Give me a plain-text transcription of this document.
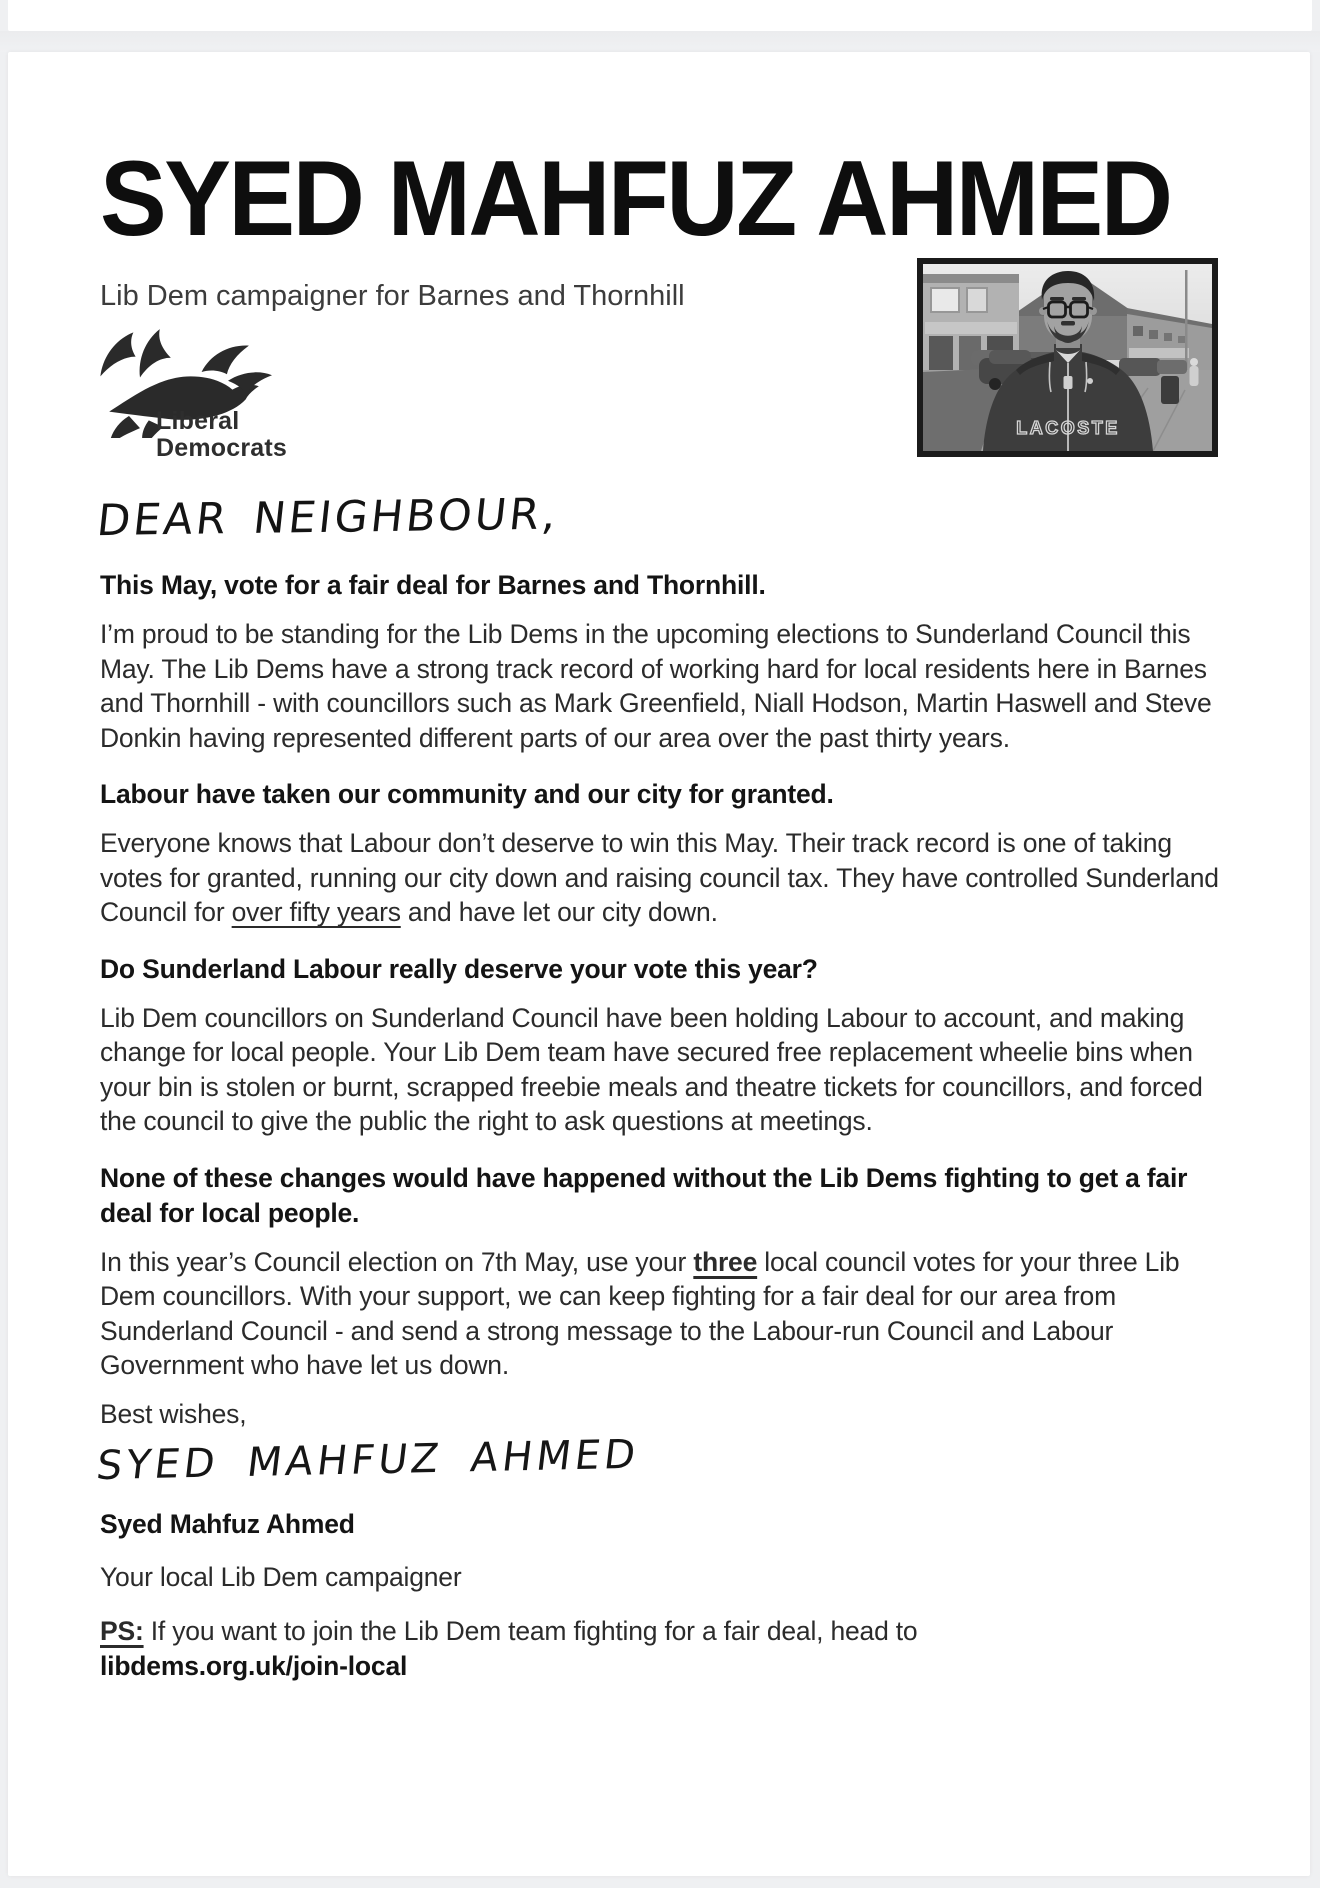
LACOSTE
SYED MAHFUZ AHMED
Lib Dem campaigner for Barnes and Thornhill
Liberal
Democrats
DEAR NEIGHBOUR,
This May, vote for a fair deal for Barnes and Thornhill.
I’m proud to be standing for the Lib Dems in the upcoming elections to Sunderland Council this May. The Lib Dems have a strong track record of working hard for local residents here in Barnes and Thornhill - with councillors such as Mark Greenfield, Niall Hodson, Martin Haswell and Steve Donkin having represented different parts of our area over the past thirty years.
Labour have taken our community and our city for granted.
Everyone knows that Labour don’t deserve to win this May. Their track record is one of taking votes for granted, running our city down and raising council tax. They have controlled Sunderland Council for over fifty years and have let our city down.
Do Sunderland Labour really deserve your vote this year?
Lib Dem councillors on Sunderland Council have been holding Labour to account, and making change for local people. Your Lib Dem team have secured free replacement wheelie bins when your bin is stolen or burnt, scrapped freebie meals and theatre tickets for councillors, and forced the council to give the public the right to ask questions at meetings.
None of these changes would have happened without the Lib Dems fighting to get a fair deal for local people.
In this year’s Council election on 7th May, use your three local council votes for your three Lib Dem councillors. With your support, we can keep fighting for a fair deal for our area from Sunderland Council - and send a strong message to the Labour-run Council and Labour Government who have let us down.
Best wishes,
SYED MAHFUZ AHMED
Syed Mahfuz Ahmed
Your local Lib Dem campaigner
PS: If you want to join the Lib Dem team fighting for a fair deal, head to
libdems.org.uk/join-local
